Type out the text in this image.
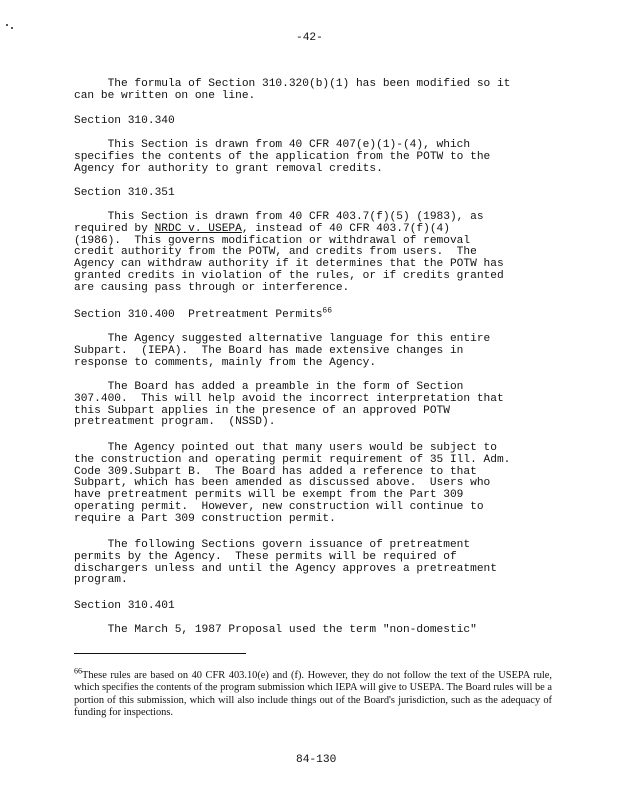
-42-
The formula of Section 310.320(b)(1) has been modified so it
can be written on one line.
Section 310.340
This Section is drawn from 40 CFR 407(e)(1)-(4), which
specifies the contents of the application from the POTW to the
Agency for authority to grant removal credits.
Section 310.351
This Section is drawn from 40 CFR 403.7(f)(5) (1983), as
required by NRDC v. USEPA, instead of 40 CFR 403.7(f)(4)
(1986).  This governs modification or withdrawal of removal
credit authority from the POTW, and credits from users.  The
Agency can withdraw authority if it determines that the POTW has
granted credits in violation of the rules, or if credits granted
are causing pass through or interference.
Section 310.400  Pretreatment Permits$^{66}$
The Agency suggested alternative language for this entire
Subpart.  (IEPA).  The Board has made extensive changes in
response to comments, mainly from the Agency.
The Board has added a preamble in the form of Section
307.400.  This will help avoid the incorrect interpretation that
this Subpart applies in the presence of an approved POTW
pretreatment program.  (NSSD).
The Agency pointed out that many users would be subject to
the construction and operating permit requirement of 35 Ill. Adm.
Code 309.Subpart B.  The Board has added a reference to that
Subpart, which has been amended as discussed above.  Users who
have pretreatment permits will be exempt from the Part 309
operating permit.  However, new construction will continue to
require a Part 309 construction permit.
The following Sections govern issuance of pretreatment
permits by the Agency.  These permits will be required of
dischargers unless and until the Agency approves a pretreatment
program.
Section 310.401
The March 5, 1987 Proposal used the term "non-domestic"
$^{66}$These rules are based on 40 CFR 403.10(e) and (f). However, they do not follow the text of the USEPA rule, which specifies the contents of the program submission which IEPA will give to USEPA. The Board rules will be a portion of this submission, which will also include things out of the Board's jurisdiction, such as the adequacy of funding for inspections.
84-130
